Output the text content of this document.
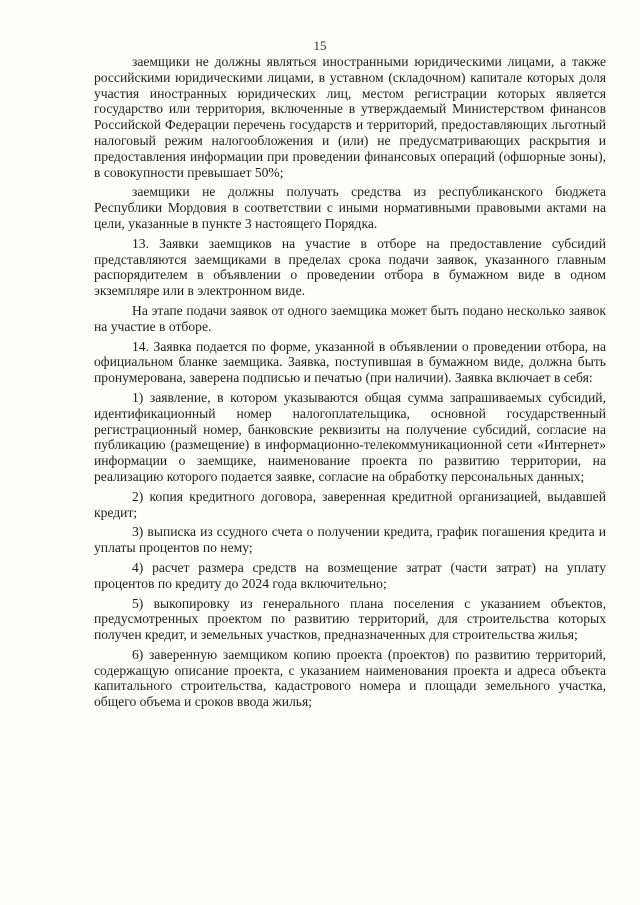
15

заемщики не должны являться иностранными юридическими лицами, а также российскими юридическими лицами, в уставном (складочном) капитале которых доля участия иностранных юридических лиц, местом регистрации которых является государство или территория, включенные в утверждаемый Министерством финансов Российской Федерации перечень государств и территорий, предоставляющих льготный налоговый режим налогообложения и (или) не предусматривающих раскрытия и предоставления информации при проведении финансовых операций (офшорные зоны), в совокупности превышает 50%;

заемщики не должны получать средства из республиканского бюджета Республики Мордовия в соответствии с иными нормативными правовыми актами на цели, указанные в пункте 3 настоящего Порядка.

13. Заявки заемщиков на участие в отборе на предоставление субсидий представляются заемщиками в пределах срока подачи заявок, указанного главным распорядителем в объявлении о проведении отбора в бумажном виде в одном экземпляре или в электронном виде.

На этапе подачи заявок от одного заемщика может быть подано несколько заявок на участие в отборе.

14. Заявка подается по форме, указанной в объявлении о проведении отбора, на официальном бланке заемщика. Заявка, поступившая в бумажном виде, должна быть пронумерована, заверена подписью и печатью (при наличии). Заявка включает в себя:

1) заявление, в котором указываются общая сумма запрашиваемых субсидий, идентификационный номер налогоплательщика, основной государственный регистрационный номер, банковские реквизиты на получение субсидий, согласие на публикацию (размещение) в информационно-телекоммуникационной сети «Интернет» информации о заемщике, наименование проекта по развитию территории, на реализацию которого подается заявке, согласие на обработку персональных данных;

2) копия кредитного договора, заверенная кредитной организацией, выдавшей кредит;

3) выписка из ссудного счета о получении кредита, график погашения кредита и уплаты процентов по нему;

4) расчет размера средств на возмещение затрат (части затрат) на уплату процентов по кредиту до 2024 года включительно;

5) выкопировку из генерального плана поселения с указанием объектов, предусмотренных проектом по развитию территорий, для строительства которых получен кредит, и земельных участков, предназначенных для строительства жилья;

6) заверенную заемщиком копию проекта (проектов) по развитию территорий, содержащую описание проекта, с указанием наименования проекта и адреса объекта капитального строительства, кадастрового номера и площади земельного участка, общего объема и сроков ввода жилья;
